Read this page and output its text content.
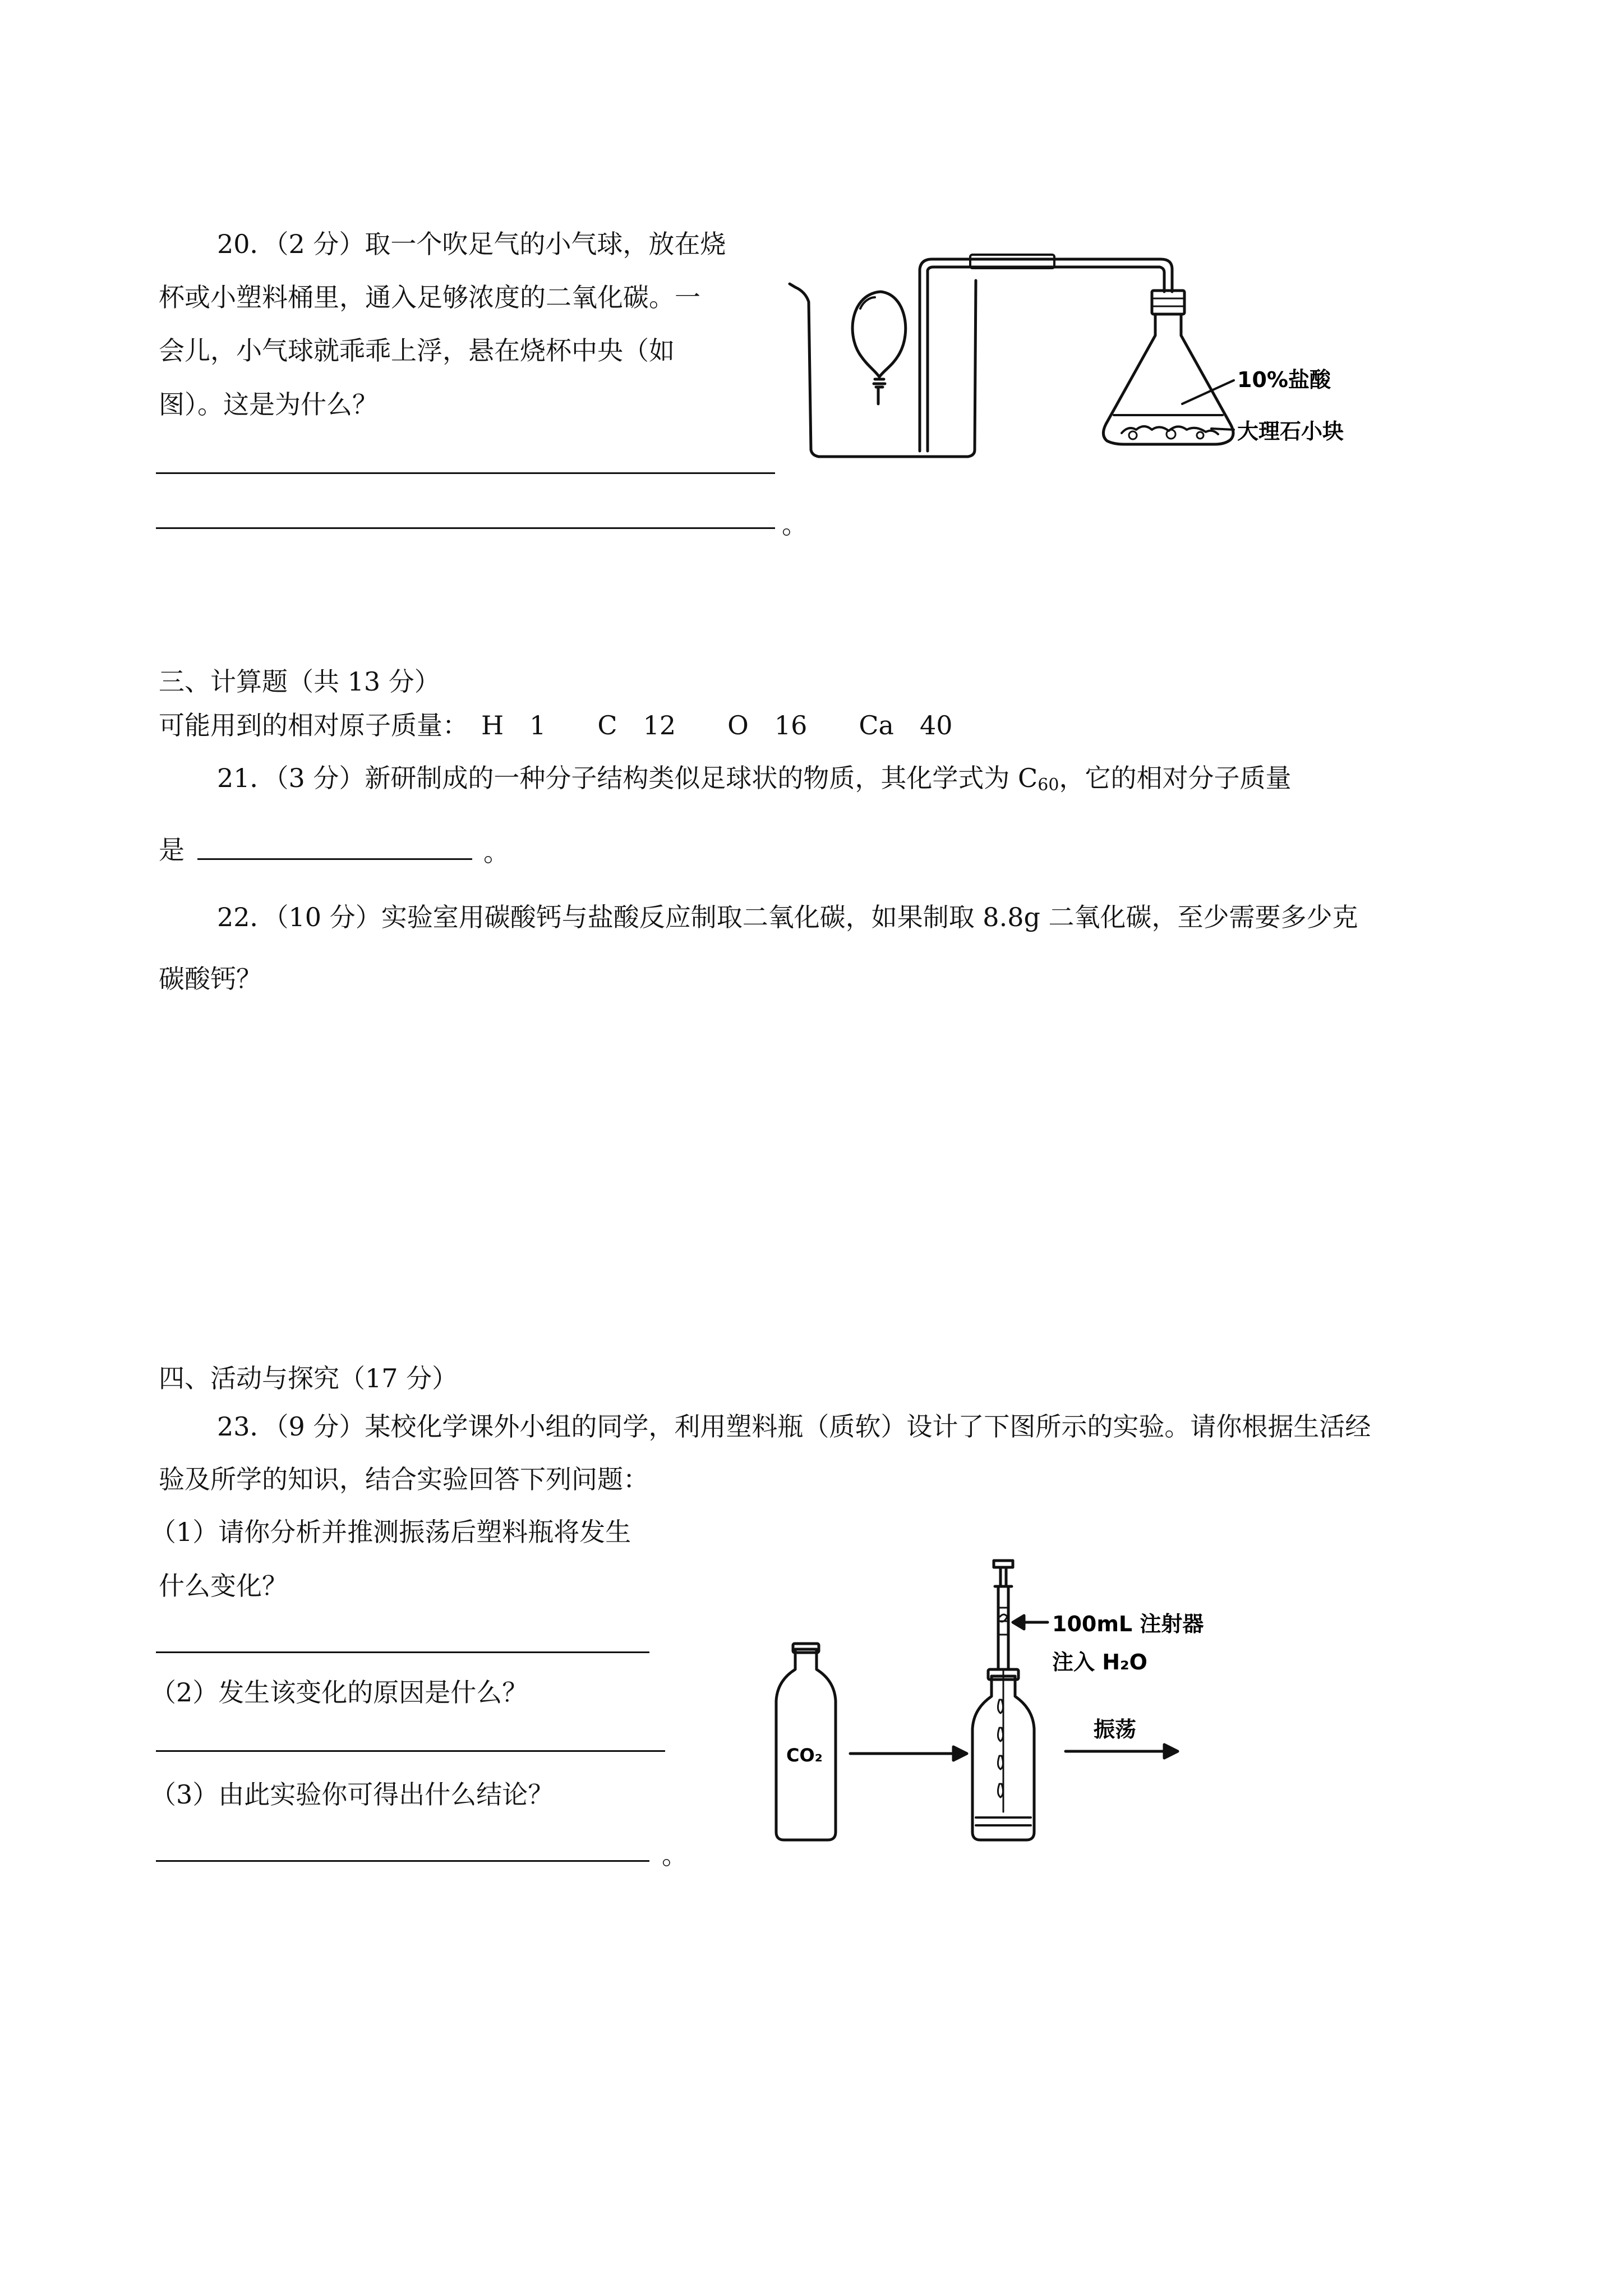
20．（2 分）取一个吹足气的小气球，放在烧
杯或小塑料桶里，通入足够浓度的二氧化碳。一
会儿，小气球就乖乖上浮，悬在烧杯中央（如
图）。这是为什么？
。
10%盐酸
大理石小块
三、计算题（共 13 分）
可能用到的相对原子质量：　H　1　　C　12　　O　16　　Ca　40
21．（3 分）新研制成的一种分子结构类似足球状的物质，其化学式为 $C_{60}$，它的相对分子质量
是	。
22．（10 分）实验室用碳酸钙与盐酸反应制取二氧化碳，如果制取 8.8g 二氧化碳，至少需要多少克
碳酸钙？
四、活动与探究（17 分）
23．（9 分）某校化学课外小组的同学，利用塑料瓶（质软）设计了下图所示的实验。请你根据生活经
验及所学的知识，结合实验回答下列问题：
（1）请你分析并推测振荡后塑料瓶将发生
什么变化？
（2）发生该变化的原因是什么？
（3）由此实验你可得出什么结论？
。
CO₂
100mL 注射器
注入 H₂O
振荡
